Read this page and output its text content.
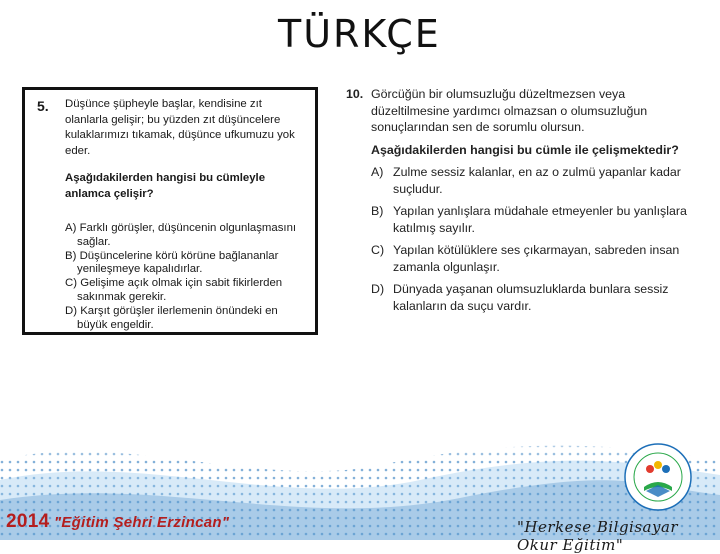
TÜRKÇE
5. Düşünce şüpheyle başlar, kendisine zıt olanlarla gelişir; bu yüzden zıt düşüncelere kulaklarımızı tıkamak, düşünce ufkumuzu yok eder.
Aşağıdakilerden hangisi bu cümleyle anlamca çelişir?
A) Farklı görüşler, düşüncenin olgunlaşmasını sağlar.
B) Düşüncelerine körü körüne bağlananlar yenileşmeye kapalıdırlar.
C) Gelişime açık olmak için sabit fikirlerden sakınmak gerekir.
D) Karşıt görüşler ilerlemenin önündeki en büyük engeldir.
10. Görcüğün bir olumsuzluğu düzeltmezsen veya düzeltilmesine yardımcı olmazsan o olumsuzluğun sonuçlarından sen de sorumlu olursun.
Aşağıdakilerden hangisi bu cümle ile çelişmektedir?
A) Zulme sessiz kalanlar, en az o zulmü yapanlar kadar suçludur.
B) Yapılan yanlışlara müdahale etmeyenler bu yanlışlara katılmış sayılır.
C) Yapılan kötülüklere ses çıkarmayan, sabreden insan zamanla olgunlaşır.
D) Dünyada yaşanan olumsuzluklarda bunlara sessiz kalanların da suçu vardır.
2014 "Eğitim Şehri Erzincan"	"Herkese Bilgisayar Okur Eğitim"
